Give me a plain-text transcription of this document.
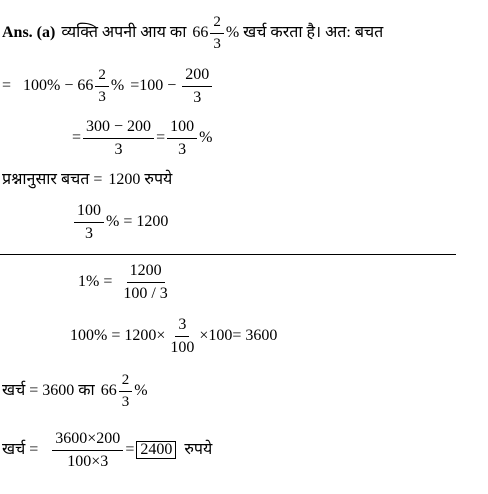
Ans. (a) व्यक्ति अपनी आय का $66 \frac{2}{3}$ % खर्च करता है। अत: बचत
= $100\% - 66 \frac{2}{3}$ % $=100 - \frac{200}{3}$
= $\frac{300 - 200}{3} = \frac{100}{3}$ %
प्रश्नानुसार बचत = 1200 रुपये
$\frac{100}{3}$ % = 1200
$1\% = \frac{1200}{100 / 3}$
$100\% = 1200\times \frac{3}{100} \times 100= 3600$
खर्च = 3600 का $66 \frac{2}{3}$ %
खर्च = $\frac{3600\times 200}{100\times 3} = 2400$ रुपये
